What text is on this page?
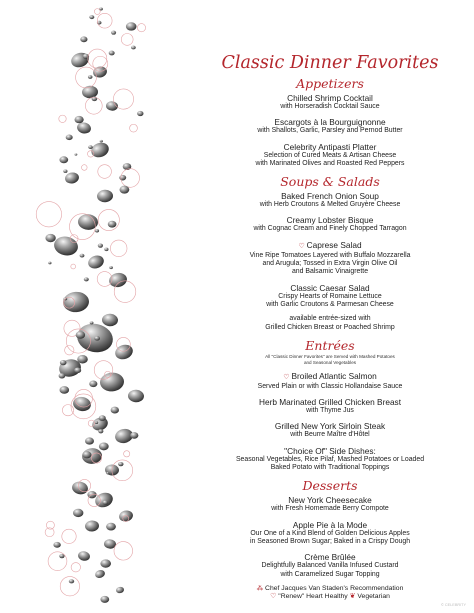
Classic Dinner Favorites
Appetizers
Chilled Shrimp Cocktail
with Horseradish Cocktail Sauce
Escargots à la Bourguignonne
with Shallots, Garlic, Parsley and Pernod Butter
Celebrity Antipasti Platter
Selection of Cured Meats & Artisan Cheese
with Marinated Olives and Roasted Red Peppers
Soups & Salads
Baked French Onion Soup
with Herb Croutons & Melted Gruyère Cheese
Creamy Lobster Bisque
with Cognac Cream and Finely Chopped Tarragon
♡ Caprese Salad
Vine Ripe Tomatoes Layered with Buffalo Mozzarella
and Arugula; Tossed in Extra Virgin Olive Oil
and Balsamic Vinaigrette
Classic Caesar Salad
Crispy Hearts of Romaine Lettuce
with Garlic Croutons & Parmesan Cheese
available entrée-sized with
Grilled Chicken Breast or Poached Shrimp
Entrées
All "Classic Dinner Favorites" are Served with Mashed Potatoes
and Seasonal Vegetables
♡ Broiled Atlantic Salmon
Served Plain or with Classic Hollandaise Sauce
Herb Marinated Grilled Chicken Breast
with Thyme Jus
Grilled New York Sirloin Steak
with Beurre Maître d'Hôtel
"Choice Of" Side Dishes:
Seasonal Vegetables, Rice Pilaf, Mashed Potatoes or Loaded
Baked Potato with Traditional Toppings
Desserts
New York Cheesecake
with Fresh Homemade Berry Compote
Apple Pie à la Mode
Our One of a Kind Blend of Golden Delicious Apples
in Seasoned Brown Sugar; Baked in a Crispy Dough
Crème Brûlée
Delightfully Balanced Vanilla Infused Custard
with Caramelized Sugar Topping
⁂ Chef Jacques Van Staden's Recommendation
♡ "Renew" Heart Healthy ❦ Vegetarian
© CELEBRITY
